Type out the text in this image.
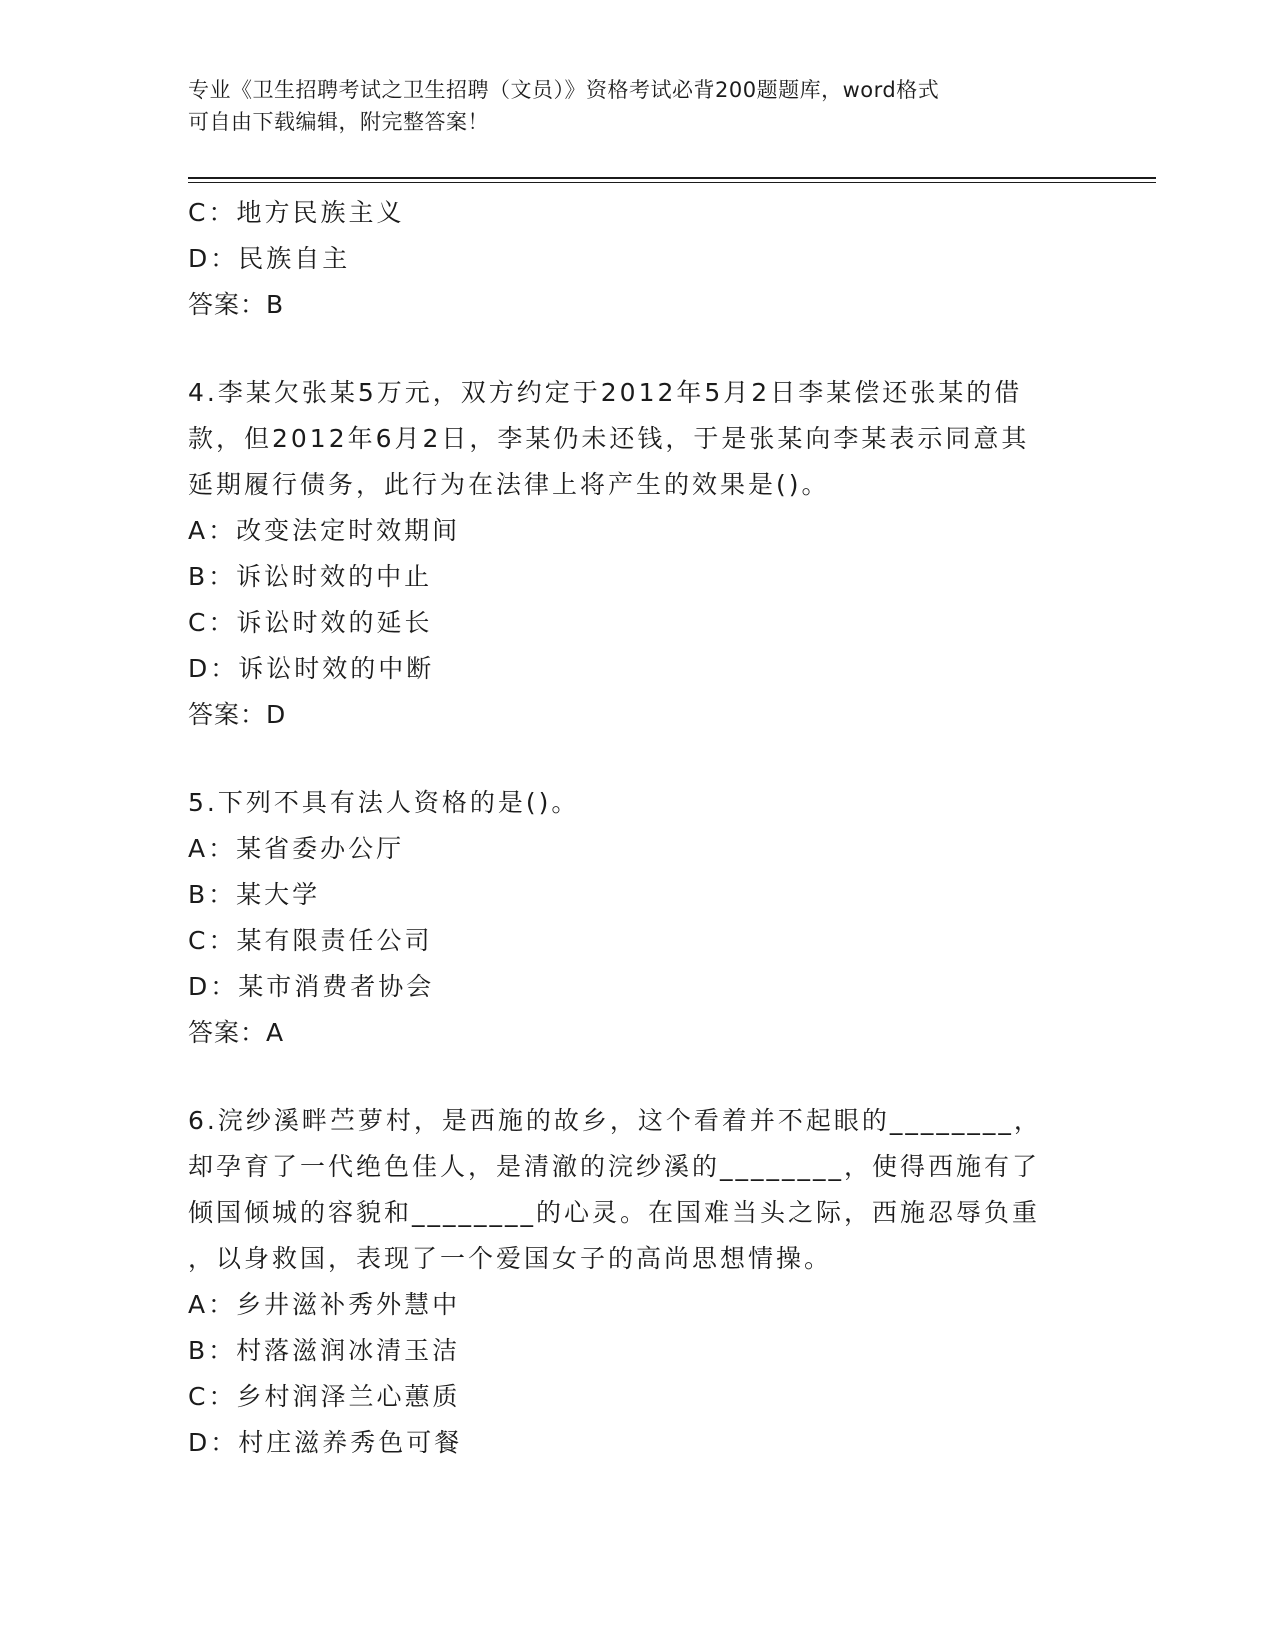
专业《卫生招聘考试之卫生招聘（文员）》资格考试必背200题题库，word格式
可自由下载编辑，附完整答案！
C：地方民族主义
D：民族自主
答案：B
4.李某欠张某5万元，双方约定于2012年5月2日李某偿还张某的借
款，但2012年6月2日，李某仍未还钱，于是张某向李某表示同意其
延期履行债务，此行为在法律上将产生的效果是()。
A：改变法定时效期间
B：诉讼时效的中止
C：诉讼时效的延长
D：诉讼时效的中断
答案：D
5.下列不具有法人资格的是()。
A：某省委办公厅
B：某大学
C：某有限责任公司
D：某市消费者协会
答案：A
6.浣纱溪畔苎萝村，是西施的故乡，这个看着并不起眼的________，
却孕育了一代绝色佳人，是清澈的浣纱溪的________，使得西施有了
倾国倾城的容貌和________的心灵。在国难当头之际，西施忍辱负重
，以身救国，表现了一个爱国女子的高尚思想情操。
A：乡井滋补秀外慧中
B：村落滋润冰清玉洁
C：乡村润泽兰心蕙质
D：村庄滋养秀色可餐
